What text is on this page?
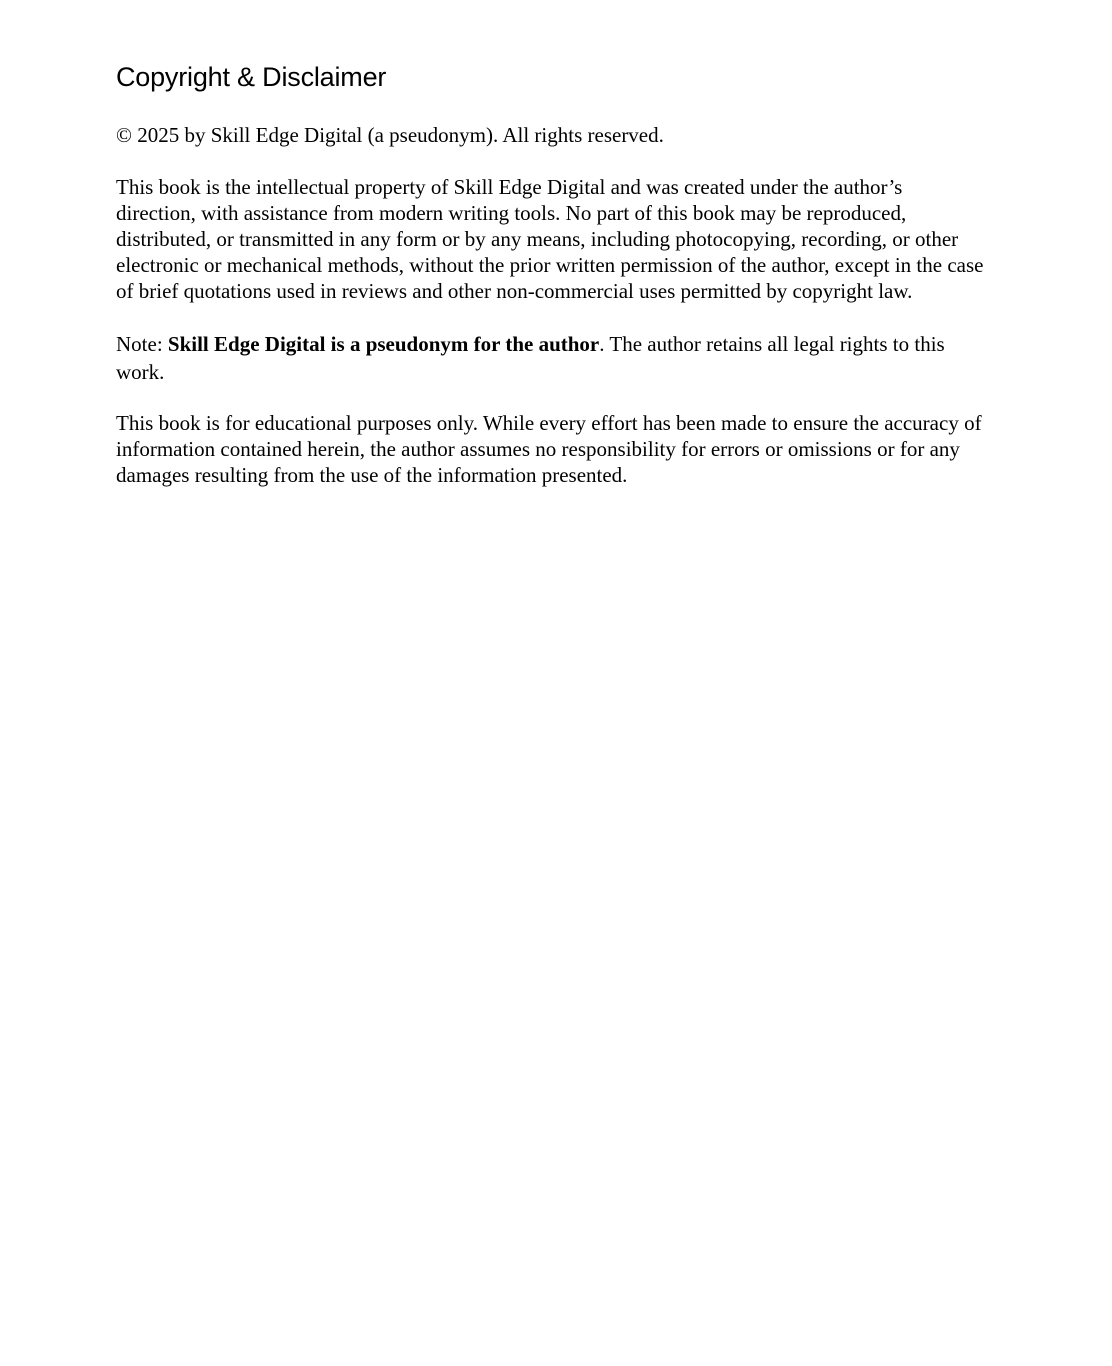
Copyright & Disclaimer

© 2025 by Skill Edge Digital (a pseudonym). All rights reserved.

This book is the intellectual property of Skill Edge Digital and was created under the author’s direction, with assistance from modern writing tools. No part of this book may be reproduced, distributed, or transmitted in any form or by any means, including photocopying, recording, or other electronic or mechanical methods, without the prior written permission of the author, except in the case of brief quotations used in reviews and other non-commercial uses permitted by copyright law.

Note: Skill Edge Digital is a pseudonym for the author. The author retains all legal rights to this work.

This book is for educational purposes only. While every effort has been made to ensure the accuracy of information contained herein, the author assumes no responsibility for errors or omissions or for any damages resulting from the use of the information presented.
